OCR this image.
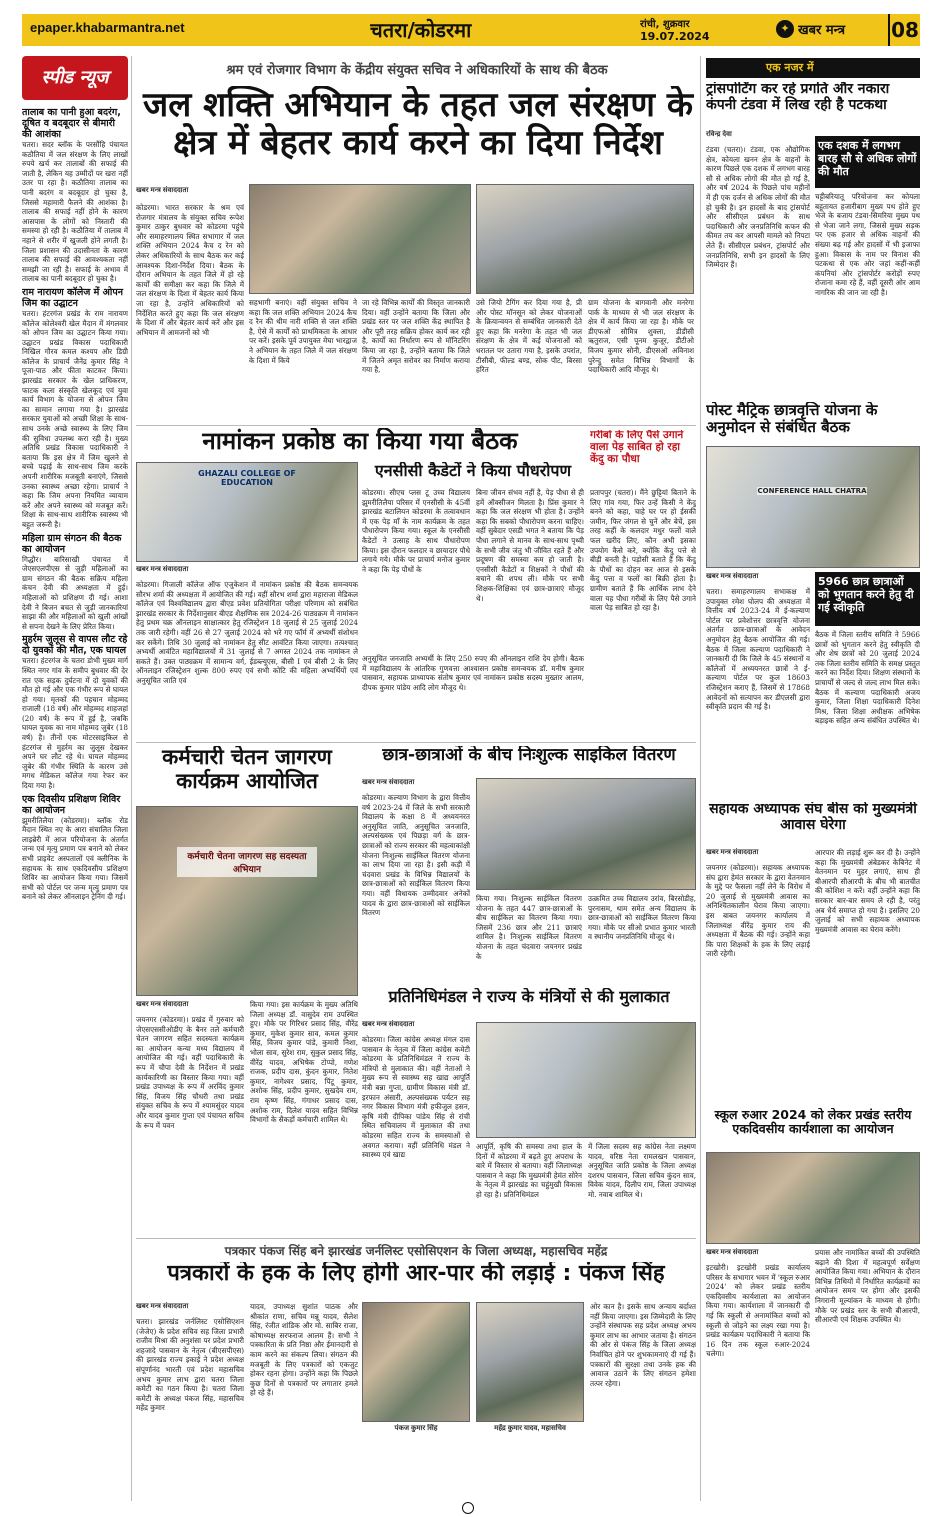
epaper.khabarmantra.net	चतरा/कोडरमा	रांची, शुक्रवार
19.07.2024
✦ खबर मन्त्र	08
स्पीड न्यूज
तालाब का पानी हुआ बदरंग, दूषित व बदबूदार से बीमारी की आशंका
चतरा। सदर ब्लॉक के परसौंहि पंचायत कठौतिया में जल संरक्षण के लिए लाखों रुपये खर्च कर तालाबों की सफाई की जाती है, लेकिन यह उम्मीदों पर खरा नहीं उतर पा रहा है। कठौतिया तालाब का पानी बदरंग व बदबूदार हो चुका है, जिससे महामारी फैलने की आशंका है। तालाब की सफाई नहीं होने के कारण आसपास के लोगों को निस्तारी की समस्या हो रही है। कठौतिया में तालाब में नहाने से शरीर में खुजली होने लगती है। जिला प्रशासन की उदासीनता के कारण तालाब की सफाई की आवश्यकता नहीं समझी जा रही है। सफाई के अभाव में तालाब का पानी बदबूदार हो चुका है।
राम नारायण कॉलेज में ओपन जिम का उद्घाटन
चतरा। हंटरगंज प्रखंड के राम नारायण कॉलेज कोलेश्वरी खेल मैदान में मंगलवार को ओपन जिम का उद्घाटन किया गया। उद्घाटन प्रखंड विकास पदाधिकारी निखिल गौरव कमल कश्यप और डिग्री कॉलेज के प्राचार्य जैनेंद्र कुमार सिंह ने पूजा-पाठ और फीता काटकर किया। झारखंड सरकार के खेल प्राधिकरण, फाटक कला संस्कृति खेलकूद एवं युवा कार्य विभाग के योजना से ओपन जिम का सामान लगाया गया है। झारखंड सरकार युवाओं को अच्छी शिक्षा के साथ-साथ उनके अच्छे स्वास्थ्य के लिए जिम की सुविधा उपलब्ध करा रही है। मुख्य अतिथि प्रखंड विकास पदाधिकारी ने बताया कि इस क्षेत्र में जिम खुलने से बच्चे पढ़ाई के साथ-साथ जिम करके अपनी शारीरिक मजबूती बनाएंगे, जिससे उनका स्वास्थ्य अच्छा रहेगा। प्राचार्य ने कहा कि जिम अपना नियमित व्यायाम करें और अपने स्वास्थ्य को मजबूत करें। शिक्षा के साथ-साथ शारीरिक स्वास्थ्य भी बहुत जरूरी है।
महिला ग्राम संगठन की बैठक का आयोजन
गिद्धौर। बारिसाखी पंचायत में जेएसएलपीएस से जुड़ी महिलाओं का ग्राम संगठन की बैठक सक्रिय महिला कंचन देवी की अध्यक्षता में हुई। महिलाओं को प्रशिक्षण दी गई। आशा देवी ने बिजन बचत से जुड़ी जानकारियां साझा की और महिलाओं को खुली आंखों से सपना देखने के लिए प्रेरित किया।
मुहर्रम जुलूस से वापस लौट रहे दो युवकों की मौत, एक घायल
चतरा। हंटरगंज के चतरा डोभी मुख्य मार्ग स्थित नगर गांव के समीप बुधवार की देर रात एक सड़क दुर्घटना में दो युवकों की मौत हो गई और एक गंभीर रूप से घायल हो गया। मृतकों की पहचान मोहम्मद राजाली (18 वर्ष) और मोहम्मद शाहजहां (20 वर्ष) के रूप में हुई है, जबकि घायल युवक का नाम मोहम्मद जुबेर (18 वर्ष) है। तीनों एक मोटरसाइकिल से हंटरगंज से मुहर्रम का जुलूस देखकर अपने घर लौट रहे थे। घायल मोहम्मद जुबेर की गंभीर स्थिति के कारण उसे मगध मेडिकल कॉलेज गया रेफर कर दिया गया है।
एक दिवसीय प्रशिक्षण शिविर का आयोजन
झुमरीतिलैया (कोडरमा)। ब्लॉक रोड मैदान स्थित नए के आरा संचालित जिला लाइब्रेरी में आज परियोजना के अंतर्गत जन्म एवं मृत्यु प्रमाण पत्र बनाने को लेकर सभी प्राइवेट अस्पतालों एवं क्लीनिक के सहायक के साथ एकदिवसीय प्रशिक्षण शिविर का आयोजन किया गया। जिसमें सभी को पोर्टल पर जन्म मृत्यु प्रमाण पत्र बनाने को लेकर ऑनलाइन ट्रेनिंग दी गई।
श्रम एवं रोजगार विभाग के केंद्रीय संयुक्त सचिव ने अधिकारियों के साथ की बैठक
जल शक्ति अभियान के तहत जल संरक्षण के क्षेत्र में बेहतर कार्य करने का दिया निर्देश
खबर मन्त्र संवाददाता
कोडरमा। भारत सरकार के श्रम एवं रोजगार मंत्रालय के संयुक्त सचिव रूपेश कुमार ठाकुर बुधवार को कोडरमा पहुंचे और समाहरणालय स्थित सभागार में जल शक्ति अभियान 2024 कैच द रेन को लेकर अधिकारियों के साथ बैठक कर कई आवश्यक दिशा-निर्देश दिया। बैठक के दौरान अभियान के तहत जिले में हो रहे कार्यों की समीक्षा कर कहा कि जिले में जल संरक्षण के दिशा में बेहतर कार्य किया जा रहा है, उन्होंने अधिकारियों को निर्देशित करते हुए कहा कि जल संरक्षण के दिशा में और बेहतर कार्य करें और इस अभियान में आमजनों को भी
सहभागी बनाएं। वहीं संयुक्त सचिव ने कहा कि जल शक्ति अभियान 2024 कैच द रैन की थीम नारी शक्ति से जल शक्ति है, ऐसे में कार्यों को प्राथमिकता के आधार पर करें। इसके पूर्व उपायुक्त मेघा भारद्वाज ने अभियान के तहत जिले में जल संरक्षण के दिशा में किये
जा रहे विभिन्न कार्यों की विस्तृत जानकारी दिया। वहीं उन्होंने बताया कि जिला और प्रखंड स्तर पर जल शक्ति केंद्र स्थापित है और पूरी तरह सक्रिय होकर कार्य कर रही है, कार्यों का निर्धारण रूप से मॉनिटरिंग किया जा रहा है, उन्होंने बताया कि जिले में जितने अमृत सरोवर का निर्माण कराया गया है,
उसे जियो टैगिंग कर दिया गया है, प्री और पोस्ट मॉनसून को लेकर योजनाओं के क्रियान्वयन से सम्बंधित जानकारी देते हुए कहा कि मनरेगा के तहत भी जल संरक्षण के क्षेत्र में कई योजनाओं को धरातल पर उतारा गया है, इसके उपरांत, टीसीबी, फील्ड बण्ड, सोक पीट, बिरसा हरित
ग्राम योजना के बागवानी और मनरेगा पार्क के माध्यम से भी जल संरक्षण के क्षेत्र में कार्य किया जा रहा है। मौके पर डीएफओ सौमित्र शुक्ला, डीडीसी ऋतुराज, एसी पूनम कुजूर, डीटीओ विजय कुमार सोनी, डीएसओ अविनाश पुरेन्दु समेत विभिन्न विभागों के पदाधिकारी आदि मौजूद थे।
नामांकन प्रकोष्ठ का किया गया बैठक
GHAZALI COLLEGE OF EDUCATION
खबर मन्त्र संवाददाता
कोडरमा। गिजाली कॉलेज ऑफ एजुकेशन में नामांकन प्रकोष्ठ की बैठक समन्वयक सौरभ शर्मा की अध्यक्षता में आयोजित की गई। वहीं सौरभ शर्मा द्वारा महाराजा मेडिकल कॉलेज एवं विश्वविद्यालय द्वारा बीएड प्रवेश प्रतियोगिता परीक्षा परिणाम को सबंधित झारखंड सरकार के निर्देशानुसार बीएड शैक्षणिक सत्र 2024-26 पाठ्यक्रम में नामांकन हेतु प्रथम चक्र ऑनलाइन साक्षात्कार हेतु रजिस्ट्रेशन 18 जुलाई से 25 जुलाई 2024 तक जारी रहेगी। वहीं 26 से 27 जुलाई 2024 को भरे गए फॉर्म में अभ्यर्थी संशोधन कर सकेंगे। तिथि 30 जुलाई को नामांकन हेतु सीट आवंटित किया जाएगा। तत्पश्चात् अभ्यर्थी आवंटित महाविद्यालयों में 31 जुलाई से 7 अगस्त 2024 तक नामांकन ले सकते हैं। उक्त पाठ्यक्रम में सामान्य वर्ग, ईडब्ल्यूएस, बीसी I एवं बीसी 2 के लिए ऑनलाइन रजिस्ट्रेशन शुल्क 800 रुपए एवं सभी कोटि की महिला अभ्यर्थियों एवं अनुसूचित जाति एवं
एनसीसी कैडेटों ने किया पौधरोपण
कोडरमा। सीएच प्लस टू उच्च विद्यालय झुमरीतिलैया परिसर में एनसीसी के 45वीं झारखंड बटालियन कोडरमा के तत्वावधान में एक पेड़ माँ के नाम कार्यक्रम के तहत पौधारोपण किया गया। स्कूल के एनसीसी कैडेटों ने उत्साह के साथ पौधारोपण किया। इस दौरान फलदार व छायादार पौधे लगाये गये। मौके पर प्राचार्य मनोज कुमार ने कहा कि पेड़ पौधों के
बिना जीवन संभव नहीं है, पेड़ पौधा से ही हमें ऑक्सीजन मिलता है। प्रिंस कुमार ने कहा कि जल संरक्षण भी होता है। उन्होंने कहा कि सबको पौधारोपण करना चाहिए। वहीं सुबेदार एसडी भगत ने बताया कि पेड़ पौधा लगाने से मानव के साथ-साथ पृथ्वी के सभी जीव जंतु भी जीवित रहते हैं और प्रदूषण की समस्या कम हो जाती है। एनसीसी कैडेटों व शिक्षकों ने पौधों की बचाने की शपथ ली। मौके पर सभी शिक्षक-शिक्षिका एवं छात्र-छात्राएं मौजूद थे।
अनुसूचित जनजाति अभ्यर्थी के लिए 250 रुपए की ऑनलाइन राशि देय होगी। बैठक में महाविद्यालय के आंतरिक गुणवत्ता आश्वासन प्रकोष्ठ समन्वयक डॉ. मनीष कुमार पासवान, सहायक प्राध्यापक संतोष कुमार एवं नामांकन प्रकोष्ठ सदस्य मुख्तार आलम, दीपक कुमार पांडेय आदि लोग मौजूद थे।
गरीबों के लिए पैसे उगाने वाला पेड़ साबित हो रहा केंदु का पौधा
प्रतापपुर (चतरा)। मैंने छुट्टियां बिताने के लिए गांव गया, फिर उन्हें किसी ने केंदु बनने को कहा, चाहे घर पर हो ईसकी जमीन, फिर जंगल से चुनें और बेचें, इस तरह कहीं के कलदार मधुर फलों वाले फल खरीद लिए, कौन अभी इसका उपयोग कैसे करे, क्योंकि केंदु पत्ते से बीड़ी बनती है। पड़ोसी बताते हैं कि केंदु के पौधों का दोहन कर आज से इसके केंदु पत्ता व फलों का बिक्री होता है। ग्रामीण बताते हैं कि आर्थिक लाभ देने वाला यह पौधा गरीबों के लिए पैसे उगाने वाला पेड़ साबित हो रहा है।
कर्मचारी चेतन जागरण कार्यक्रम आयोजित
कर्मचारी चेतना जागरण सह सदस्यता अभियान
खबर मन्त्र संवाददाता
जयनगर (कोडरमा)। प्रखंड में गुरुवार को जेएसएससीओडीए के बैनर तले कर्मचारी चेतन जागरण सहित सदस्यता कार्यक्रम का आयोजन कन्या मध्य विद्यालय में आयोजित की गई। वहीं पदाधिकारी के रूप में चौपा देवी के निर्देशन में प्रखंड कार्यकारिणी का विस्तार किया गया। वहीं प्रखंड उपाध्यक्ष के रूप में अरविंद कुमार सिंह, विजय सिंह चौधरी तथा प्रखंड संयुक्त सचिव के रूप में श्यामसुंदर यादव और यादव कुमार गुप्ता एवं पंचायत सचिव के रूप में पवन
किया गया। इस कार्यक्रम के मुख्य अतिथि जिला अध्यक्ष डॉ. वासुदेव राम उपस्थित हुए। मौके पर गिरिधर प्रसाद सिंह, वीरेंद्र कुमार, मुकेश कुमार साव, कमल कुमार सिंह, विजय कुमार पांडे, कुमारी निशा, भोला साव, सुरेश राम, सुकुल प्रसाद सिंह, वीरेंद्र यादव, अभिषेक टोप्पो, गणेश राजक, प्रदीप दास, कुंदन कुमार, नितेश कुमार, नागेश्वर प्रसाद, पिंटू कुमार, अशोक सिंह, प्रदीप कुमार, सुखदेव राम, राम कृष्ण सिंह, गंगाधर प्रसाद दास, अशोक राम, दिलेश यादव सहित विभिन्न विभागों के सैकड़ों कर्मचारी शामिल थे।
छात्र-छात्राओं के बीच निःशुल्क साइकिल वितरण
खबर मन्त्र संवाददाता
कोडरमा। कल्याण विभाग के द्वारा वित्तीय वर्ष 2023-24 में जिले के सभी सरकारी विद्यालय के कक्षा 8 में अध्ययनरत अनुसूचित जाति, अनुसूचित जनजाति, अल्पसंख्यक एवं पिछड़ा वर्ग के छात्र-छात्राओं को राज्य सरकार की महत्वाकांक्षी योजना निःशुल्क साईकिल वितरण योजना का लाभ दिया जा रहा है। इसी कड़ी में चंदवारा प्रखंड के विभिन्न विद्यालयों के छात्र-छात्राओं को साईकिल वितरण किया गया। वहीं विधायक उम्मीदवार अनेकों यादव के द्वारा छात्र-छात्राओं को साईकिल वितरण
किया गया। निःशुल्क साईकिल वितरण योजना के तहत 447 छात्र-छात्राओं के बीच साईकिल का वितरण किया गया। जिसमें 236 छात्र और 211 छात्राएं शामिल है। निःशुल्क साईकिल वितरण योजना के तहत चंदवारा जयनगर प्रखंड के
उत्क्रमित उच्च विद्यालय उरांव, बिरसोडीह, पुरनासम, थाम समेत अन्य विद्यालय के छात्र-छात्राओं को साईकिल वितरण किया गया। मौके पर सीओ प्रभात कुमार भारती व स्थानीय जनप्रतिनिधि मौजूद थे।
प्रतिनिधिमंडल ने राज्य के मंत्रियों से की मुलाकात
खबर मन्त्र संवाददाता
कोडरमा। जिला कांग्रेस अध्यक्ष मंगल दास पासवान के नेतृत्व में जिला कांग्रेस कमेटी कोडरमा के प्रतिनिधिमंडल ने राज्य के मंत्रियों से मुलाकात की। वहीं नेताओं ने मुख्य रूप से स्वास्थ्य सह खाद्य आपूर्ति मंत्री बन्ना गुप्ता, ग्रामीण विकास मंत्री डॉ. इरफान अंसारी, अल्पसंख्यक पर्यटन सह नगर विकास विभाग मंत्री हफीजुल हसन, कृषि मंत्री दीपिका पांडेय सिंह से रांची स्थित सचिवालय में मुलाकात की तथा कोडरमा सहित राज्य के समस्याओं से अवगत कराया। वहीं प्रतिनिधि मंडल ने स्वास्थ्य एवं खाद्य
आपूर्ति, कृषि की समस्या तथा हाल के दिनों में कोडरमा में बढ़ते हुए अपराध के बारे में विस्तार से बताया। वहीं जिलाध्यक्ष पासवान ने कहा कि मुख्यमंत्री हेमंत सोरेन के नेतृत्व में झारखंड का चहुंमुखी विकास हो रहा है। प्रतिनिधिमंडल
में जिला सदस्य सह कांग्रेस नेता लक्ष्मण यादव, वरिष्ठ नेता रामलखन पासवान, अनुसूचित जाति प्रकोष्ठ के जिला अध्यक्ष दशरथ पासवान, जिला सचिव कुंदन साव, विवेक यादव, दिलीप राम, जिला उपाध्यक्ष मो. नवाब शामिल थे।
पत्रकार पंकज सिंह बने झारखंड जर्नलिस्ट एसोसिएशन के जिला अध्यक्ष, महासचिव महेंद्र
पत्रकारों के हक के लिए होगी आर-पार की लड़ाई : पंकज सिंह
खबर मन्त्र संवाददाता
चतरा। झारखंड जर्नलिस्ट एसोसिएशन (जेजेए) के प्रदेश सचिव सह जिला प्रभारी राजीव मिश्रा की अनुशंसा पर प्रदेश प्रभारी शहजादे पासवान के नेतृत्व (बीएसपीएस) की झारखंड राज्य इकाई ने प्रदेश अध्यक्ष संपूर्णानंद भारती एवं प्रदेश महासचिव अभय कुमार लाभ द्वारा चतरा जिला कमेटी का गठन किया है। चतरा जिला कमेटी के अध्यक्ष पंकज सिंह, महासचिव महेंद्र कुमार
यादव, उपाध्यक्ष सुशांत पाठक और श्रीकांत राणा, सचिव मन्नू यादव, सैलेश सिंह, रंजीत शांडिक और मो. साबिर राजा, कोषाध्यक्ष सरफराज आलम हैं। सभी ने पत्रकारिता के प्रति निष्ठा और ईमानदारी से काम करने का संकल्प लिया। संगठन की मजबूती के लिए पत्रकारों को एकजुट होकर रहना होगा। उन्होंने कहा कि पिछले कुछ दिनों से पत्रकारों पर लगातार हमले हो रहे हैं।
पंकज कुमार सिंह	महेंद्र कुमार यादव, महासचिव
ओर कान है। इसके साथ अन्याय बर्दाश्त नहीं किया जाएगा। इस जिम्मेदारी के लिए उन्होंने संस्थापक सह प्रदेश अध्यक्ष अभय कुमार लाभ का आभार जताया है। संगठन की ओर से पंकज सिंह के जिला अध्यक्ष निर्वाचित होने पर शुभकामनाएं दी गई हैं। पत्रकारों की सुरक्षा तथा उनके हक की आवाज उठाने के लिए संगठन हमेशा तत्पर रहेगा।
एक नजर में
ट्रांसपोर्टिंग कर रहे प्रगति और नकारा कंपनी टंडवा में लिख रही है पटकथा
रविन्द्र देवा
टंडवा (चतरा)। टंडवा, एक औद्योगिक क्षेत्र, कोयला खनन क्षेत्र के वाहनों के कारण पिछले एक दशक में लगभग बारह सौ से अधिक लोगों की मौत हो गई है, और वर्ष 2024 के पिछले पांच महीनों में ही एक दर्जन से अधिक लोगों की मौत हो चुकी है। इन हादसों के बाद ट्रांसपोर्ट और सीसीएल प्रबंधन के साथ पदाधिकारी और जनप्रतिनिधि कफन की कीमत तय कर आपसी मामले को निपटा लेते हैं। सीसीएल प्रबंधन, ट्रांसपोर्ट और जनप्रतिनिधि, सभी इन हादसों के लिए जिम्मेदार हैं।
एक दशक में लगभग बारह सौ से अधिक लोगों की मौत
चट्टीबरियातू परियोजना कर कोयला बहुतायत हजारीबाग मुख्य पथ होते हुए भेजे के बजाय टंडवा-सिमरिया मुख्य पथ से भेजा जाने लगा, जिससे मुख्य सड़क पर एक हजार से अधिक वाहनों की संख्या बढ़ गई और हादसों में भी इजाफा हुआ। विकास के नाम पर विनाश की पटकथा से एक ओर जहां कहीं-कहीं कंपनियां और ट्रांसपोर्टर करोड़ों रुपए रोजाना कमा रहे हैं, वहीं दूसरी ओर आम नागरिक की जान जा रही है।
पोस्ट मैट्रिक छात्रवृत्ति योजना के अनुमोदन से संबंधित बैठक
CONFERENCE HALL CHATRA
खबर मन्त्र संवाददाता
चतरा। समाहरणालय सभाकक्ष में उपायुक्त रमेश घोलप की अध्यक्षता में वित्तीय वर्ष 2023-24 में ई-कल्याण पोर्टल पर प्रवेशोत्तर छात्रवृत्ति योजना अंतर्गत छात्र-छात्राओं के आवेदन अनुमोदन हेतु बैठक आयोजित की गई। बैठक में जिला कल्याण पदाधिकारी ने जानकारी दी कि जिले के 45 संस्थानों व कॉलेजों में अध्ययनरत छात्रों ने ई-कल्याण पोर्टल पर कुल 18603 रजिस्ट्रेशन कराए हैं, जिसमें से 17868 आवेदनों को सत्यापन कर डीएलसी द्वारा स्वीकृति प्रदान की गई है।
5966 छात्र छात्राओं को भुगतान करने हेतु दी गई स्वीकृति
बैठक में जिला स्तरीय समिति ने 5966 छात्रों को भुगतान करने हेतु स्वीकृति दी और शेष छात्रों को 20 जुलाई 2024 तक जिला स्तरीय समिति के समक्ष प्रस्तुत करने का निर्देश दिया। शिक्षण संस्थानों के प्राचार्यों से जल्द से जल्द लाभ मिल सके। बैठक में कल्याण पदाधिकारी अजय कुमार, जिला शिक्षा पदाधिकारी दिनेश मिश्र, जिला शिक्षा अधीक्षक अभिषेक बड़ाइक सहित अन्य संबंधित उपस्थित थे।
सहायक अध्यापक संघ बीस को मुख्यमंत्री आवास घेरेगा
खबर मन्त्र संवाददाता
जयनगर (कोडरमा)। सहायक अध्यापक संघ द्वारा हेमंत सरकार के द्वारा वेतनमान के मुद्दे पर फैसला नहीं लेने के विरोध में 20 जुलाई से मुख्यमंत्री आवास का अनिश्चितकालीन घेराव किया जाएगा। इस बाबत जयनगर कार्यालय में जिलाध्यक्ष वीरेंद्र कुमार राय की अध्यक्षता में बैठक की गई। उन्होंने कहा कि पारा शिक्षकों के हक के लिए लड़ाई जारी रहेगी।
आरपार की लड़ाई शुरू कर दी है। उन्होंने कहा कि मुख्यमंत्री अंबेडकर केबिनेट में वेतनमान पर मुहर लगाएं, साथ ही बीआरपी सीआरपी के बीच भी बातचीत की कोशिश न करें। वहीं उन्होंने कहा कि सरकार बार-बार समय ले रही है, परंतु अब धैर्य समाप्त हो गया है। इसलिए 20 जुलाई को सभी सहायक अध्यापक मुख्यमंत्री आवास का घेराव करेंगे।
स्कूल रुआर 2024 को लेकर प्रखंड स्तरीय एकदिवसीय कार्यशाला का आयोजन
खबर मन्त्र संवाददाता
इटखोरी। इटखोरी प्रखंड कार्यालय परिसर के सभागार भवन में 'स्कूल रुआर 2024' को लेकर प्रखंड स्तरीय एकदिवसीय कार्यशाला का आयोजन किया गया। कार्यशाला में जानकारी दी गई कि स्कूली से अनामांकित बच्चों को स्कूली से जोड़ने का लक्ष्य रखा गया है। प्रखंड कार्यक्रम पदाधिकारी ने बताया कि 16 दिन तक स्कूल रुआर-2024 चलेगा।
प्रयास और नामांकित बच्चों की उपस्थिति बढ़ाने की दिशा में महत्वपूर्ण सर्वेक्षण आयोजित किया गया। अभियान के दौरान विभिन्न तिथियों में निर्धारित कार्यक्रमों का आयोजन समय पर होगा और इसकी निगरानी मूल्यांकन के माध्यम से होगी। मौके पर प्रखंड स्तर के सभी बीआरपी, सीआरपी एवं शिक्षक उपस्थित थे।
